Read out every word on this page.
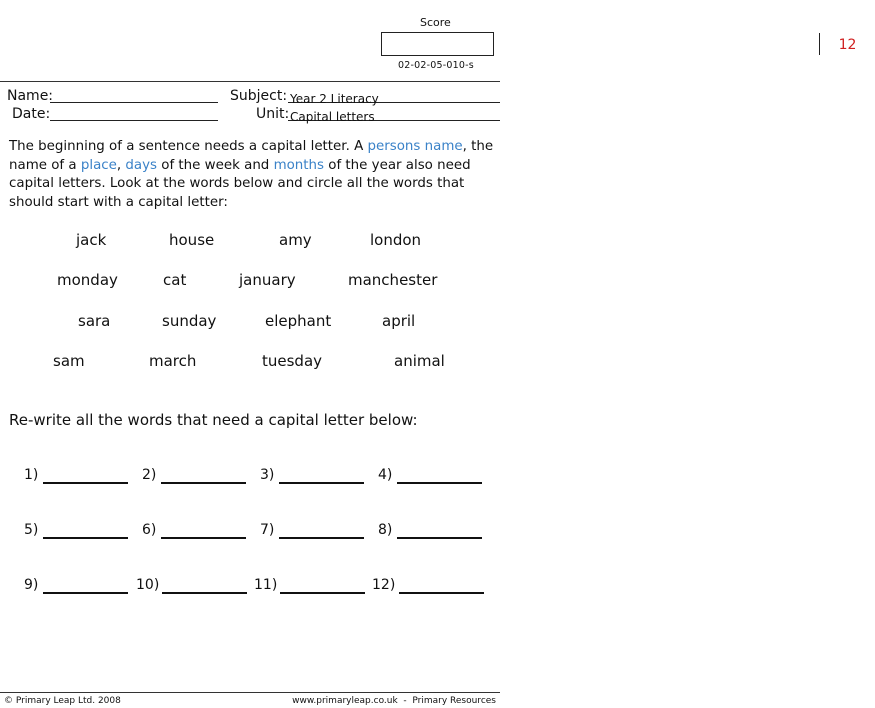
Score
12
02-02-05-010-s
Name:
Date:
Subject: Year 2 Literacy
Unit: Capital letters

The beginning of a sentence needs a capital letter. A persons name, the name of a place, days of the week and months of the year also need capital letters. Look at the words below and circle all the words that should start with a capital letter:

jack	house	amy	london
monday	cat	january	manchester
sara	sunday	elephant	april
sam	march	tuesday	animal
Re-write all the words that need a capital letter below:
1)	2)	3)	4)
5)	6)	7)	8)
9)	10)	11)	12)
© Primary Leap Ltd. 2008	www.primaryleap.co.uk  -  Primary Resources
